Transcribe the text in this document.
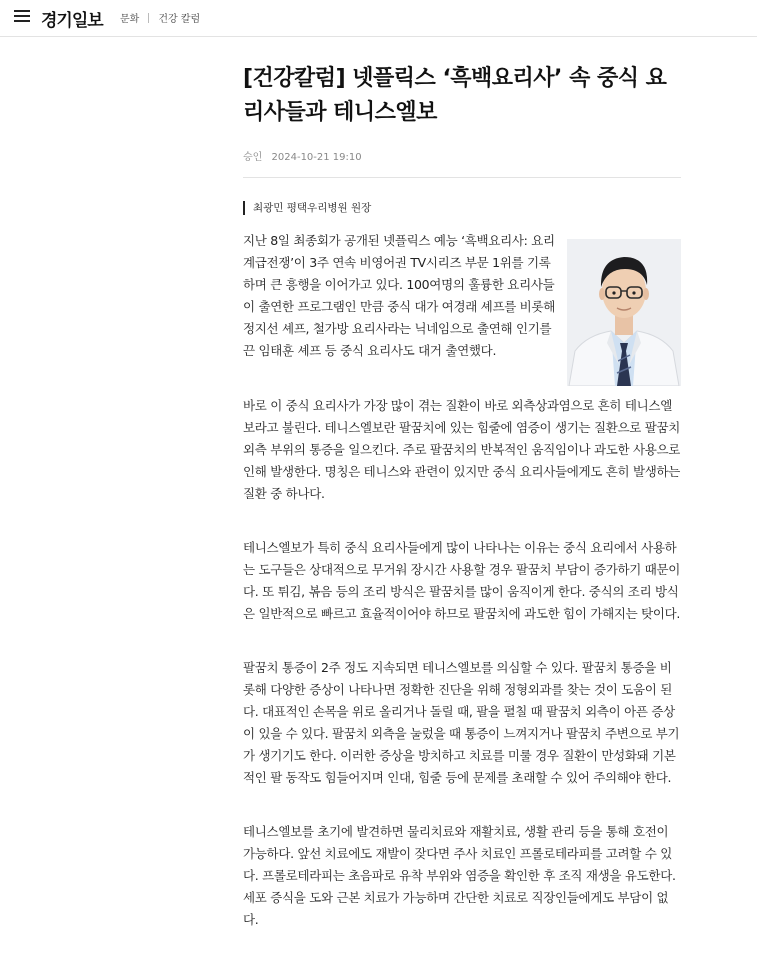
경기일보 문화 건강 칼럼
[건강칼럼] 넷플릭스 ‘흑백요리사’ 속 중식 요리사들과 테니스엘보
승인 2024-10-21 19:10
최광민 평택우리병원 원장

지난 8일 최종회가 공개된 넷플릭스 예능 ‘흑백요리사: 요리 계급전쟁’이 3주 연속 비영어권 TV시리즈 부문 1위를 기록하며 큰 흥행을 이어가고 있다. 100여명의 훌륭한 요리사들이 출연한 프로그램인 만큼 중식 대가 여경래 셰프를 비롯해 정지선 셰프, 철가방 요리사라는 닉네임으로 출연해 인기를 끈 임태훈 셰프 등 중식 요리사도 대거 출연했다.

바로 이 중식 요리사가 가장 많이 겪는 질환이 바로 외측상과염으로 흔히 테니스엘보라고 불린다. 테니스엘보란 팔꿈치에 있는 힘줄에 염증이 생기는 질환으로 팔꿈치 외측 부위의 통증을 일으킨다. 주로 팔꿈치의 반복적인 움직임이나 과도한 사용으로 인해 발생한다. 명칭은 테니스와 관련이 있지만 중식 요리사들에게도 흔히 발생하는 질환 중 하나다.

테니스엘보가 특히 중식 요리사들에게 많이 나타나는 이유는 중식 요리에서 사용하는 도구들은 상대적으로 무거워 장시간 사용할 경우 팔꿈치 부담이 증가하기 때문이다. 또 튀김, 볶음 등의 조리 방식은 팔꿈치를 많이 움직이게 한다. 중식의 조리 방식은 일반적으로 빠르고 효율적이어야 하므로 팔꿈치에 과도한 힘이 가해지는 탓이다.

팔꿈치 통증이 2주 정도 지속되면 테니스엘보를 의심할 수 있다. 팔꿈치 통증을 비롯해 다양한 증상이 나타나면 정확한 진단을 위해 정형외과를 찾는 것이 도움이 된다. 대표적인 손목을 위로 올리거나 돌릴 때, 팔을 펼칠 때 팔꿈치 외측이 아픈 증상이 있을 수 있다. 팔꿈치 외측을 눌렀을 때 통증이 느껴지거나 팔꿈치 주변으로 부기가 생기기도 한다. 이러한 증상을 방치하고 치료를 미룰 경우 질환이 만성화돼 기본적인 팔 동작도 힘들어지며 인대, 힘줄 등에 문제를 초래할 수 있어 주의해야 한다.

테니스엘보를 초기에 발견하면 물리치료와 재활치료, 생활 관리 등을 통해 호전이 가능하다. 앞선 치료에도 재발이 잦다면 주사 치료인 프롤로테라피를 고려할 수 있다. 프롤로테라피는 초음파로 유착 부위와 염증을 확인한 후 조직 재생을 유도한다. 세포 증식을 도와 근본 치료가 가능하며 간단한 치료로 직장인들에게도 부담이 없다.
